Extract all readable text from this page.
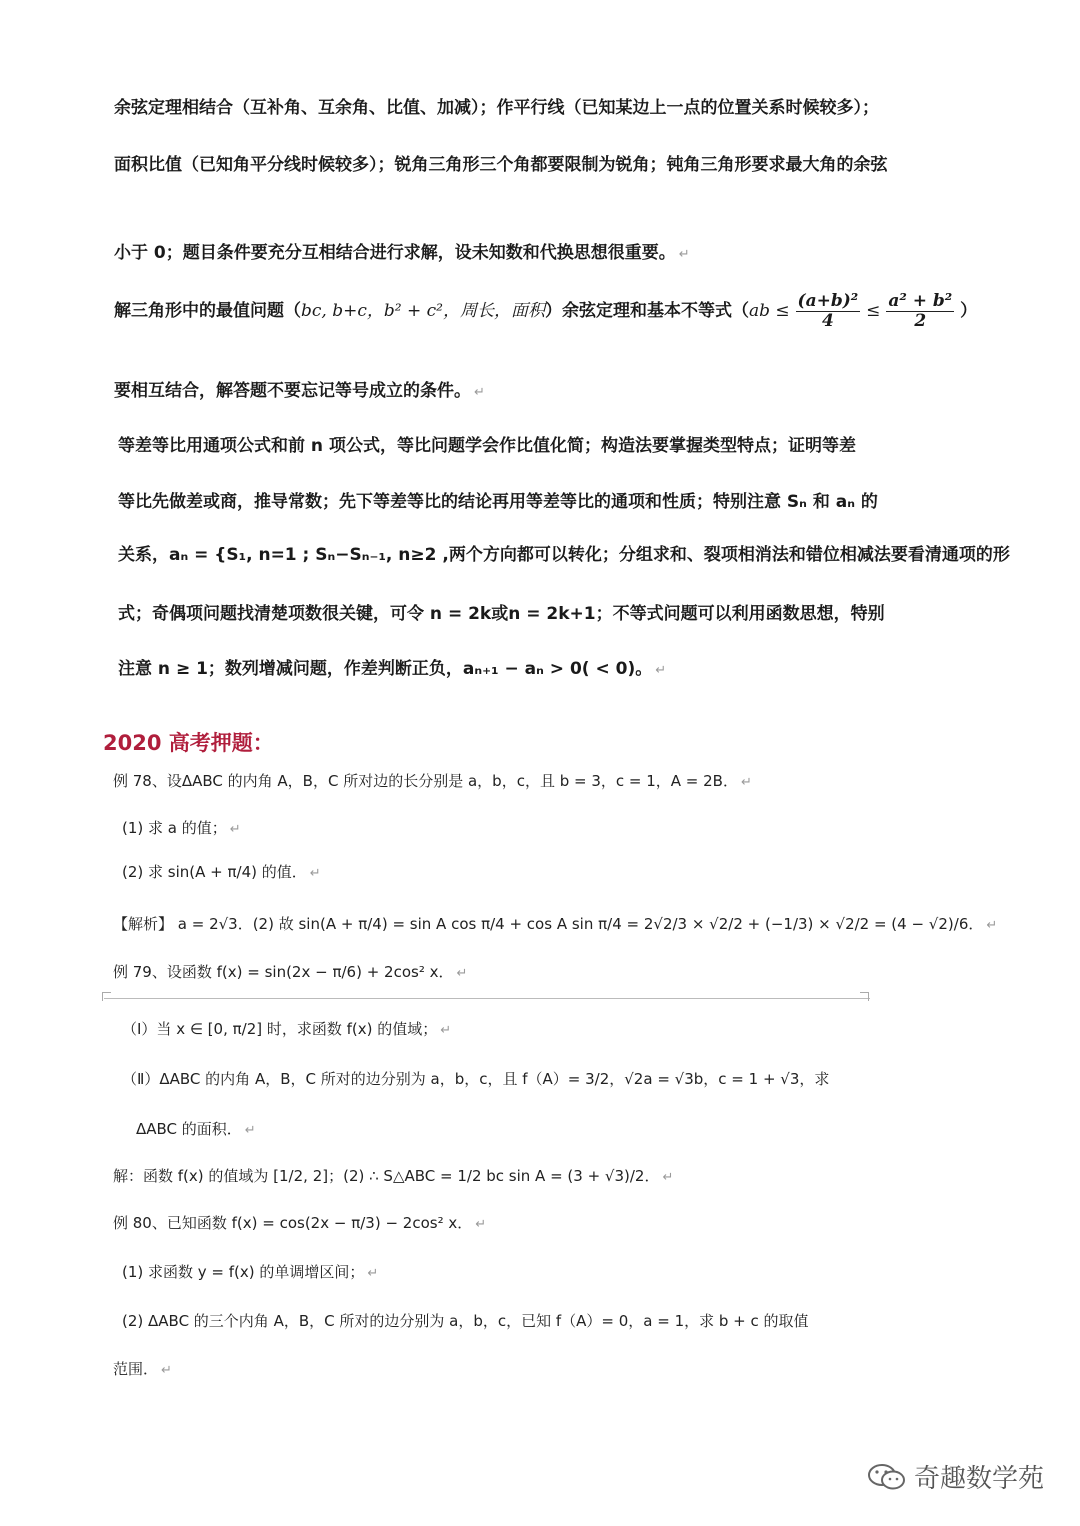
余弦定理相结合（互补角、互余角、比值、加减）；作平行线（已知某边上一点的位置关系时候较多）；
面积比值（已知角平分线时候较多）；锐角三角形三个角都要限制为锐角；钝角三角形要求最大角的余弦
小于 0；题目条件要充分互相结合进行求解，设未知数和代换思想很重要。 ↵
解三角形中的最值问题（bc, b+c，b² + c²，周长，面积）余弦定理和基本不等式（$ab \le \frac{\text{(a+b)²}}{4} \le \frac{\text{a² + b²}}{2}$ ）
要相互结合，解答题不要忘记等号成立的条件。 ↵
等差等比用通项公式和前 n 项公式，等比问题学会作比值化简；构造法要掌握类型特点；证明等差
等比先做差或商，推导常数；先下等差等比的结论再用等差等比的通项和性质；特别注意 Sₙ 和 aₙ 的
关系，aₙ = {S₁, n=1 ; Sₙ−Sₙ₋₁, n≥2 ,两个方向都可以转化；分组求和、裂项相消法和错位相减法要看清通项的形
式；奇偶项问题找清楚项数很关键，可令 n = 2k或n = 2k+1；不等式问题可以利用函数思想，特别
注意 n ≥ 1；数列增减问题，作差判断正负，aₙ₊₁ − aₙ > 0( < 0)。 ↵
2020 高考押题：
例 78、设ΔABC 的内角 A，B，C 所对边的长分别是 a，b，c，且 b = 3，c = 1，A = 2B． ↵
(1) 求 a 的值； ↵
(2) 求 sin(A + π/4) 的值． ↵
【解析】 a = 2√3．(2) 故 sin(A + π/4) = sin A cos π/4 + cos A sin π/4 = 2√2/3 × √2/2 + (−1/3) × √2/2 = (4 − √2)/6． ↵
例 79、设函数 f(x) = sin(2x − π/6) + 2cos² x． ↵
（Ⅰ）当 x ∈ [0, π/2] 时，求函数 f(x) 的值域； ↵
（Ⅱ）ΔABC 的内角 A，B，C 所对的边分别为 a，b，c，且 f（A）= 3/2，√2a = √3b，c = 1 + √3，求
ΔABC 的面积． ↵
解：函数 f(x) 的值域为 [1/2, 2]；(2) ∴ S△ABC = 1/2 bc sin A = (3 + √3)/2． ↵
例 80、已知函数 f(x) = cos(2x − π/3) − 2cos² x． ↵
(1) 求函数 y = f(x) 的单调增区间； ↵
(2) ΔABC 的三个内角 A，B，C 所对的边分别为 a，b，c，已知 f（A）= 0，a = 1，求 b + c 的取值
范围． ↵
奇趣数学苑
